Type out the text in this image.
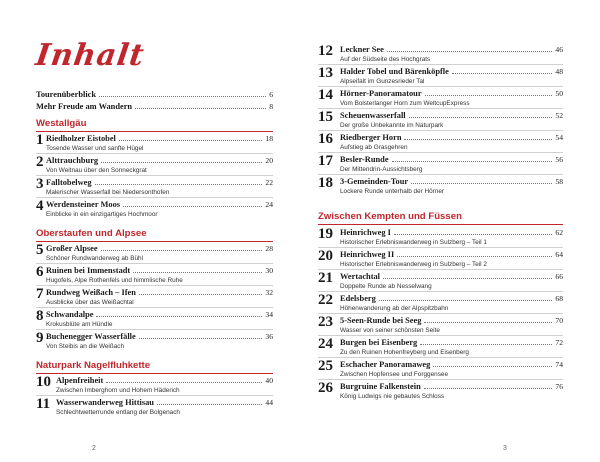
Inhalt
Tourenüberblick	6
Mehr Freude am Wandern	8
Westallgäu
1 Riedholzer Eistobel	18
Tosende Wasser und sanfte Hügel
2 Alttrauchburg	20
Von Weitnau über den Sonneckgrat
3 Falltobelweg	22
Malerischer Wasserfall bei Niedersonthofen
4 Werdensteiner Moos	24
Einblicke in ein einzigartiges Hochmoor
Oberstaufen und Alpsee
5 Großer Alpsee	28
Schöner Rundwanderweg ab Bühl
6 Ruinen bei Immenstadt	30
Hugofels, Alpe Rothenfels und himmlische Ruhe
7 Rundweg Weißach – Ifen	32
Ausblicke über das Weißachtal
8 Schwandalpe	34
Krokusblüte am Hündle
9 Buchenegger Wasserfälle	36
Von Steibis an die Weißach
Naturpark Nagelfluhkette
10 Alpenfreiheit	40
Zwischen Imberghorn und Hohem Häderich
11 Wasserwanderweg Hittisau	44
Schlechtwetterrunde entlang der Bolgenach
2
12 Leckner See	46
Auf der Südseite des Hochgrats
13 Halder Tobel und Bärenköpfle	48
Alpseifalt im Gunzesrieder Tal
14 Hörner-Panoramatour	50
Vom Bolsterlanger Horn zum WeltcupExpress
15 Scheuenwasserfall	52
Der große Unbekannte im Naturpark
16 Riedberger Horn	54
Aufstieg ab Grasgehren
17 Besler-Runde	56
Der Mittendrin-Aussichtsberg
18 3-Gemeinden-Tour	58
Lockere Runde unterhalb der Hörner
Zwischen Kempten und Füssen
19 Heinrichweg I	62
Historischer Erlebniswanderweg in Sulzberg – Teil 1
20 Heinrichweg II	64
Historischer Erlebniswanderweg in Sulzberg – Teil 2
21 Wertachtal	66
Doppelte Runde ab Nesselwang
22 Edelsberg	68
Höhenwanderung ab der Alpspitzbahn
23 5-Seen-Runde bei Seeg	70
Wasser von seiner schönsten Seite
24 Burgen bei Eisenberg	72
Zu den Ruinen Hohenfreyberg und Eisenberg
25 Eschacher Panoramaweg	74
Zwischen Hopfensee und Forggensee
26 Burgruine Falkenstein	76
König Ludwigs nie gebautes Schloss
3
